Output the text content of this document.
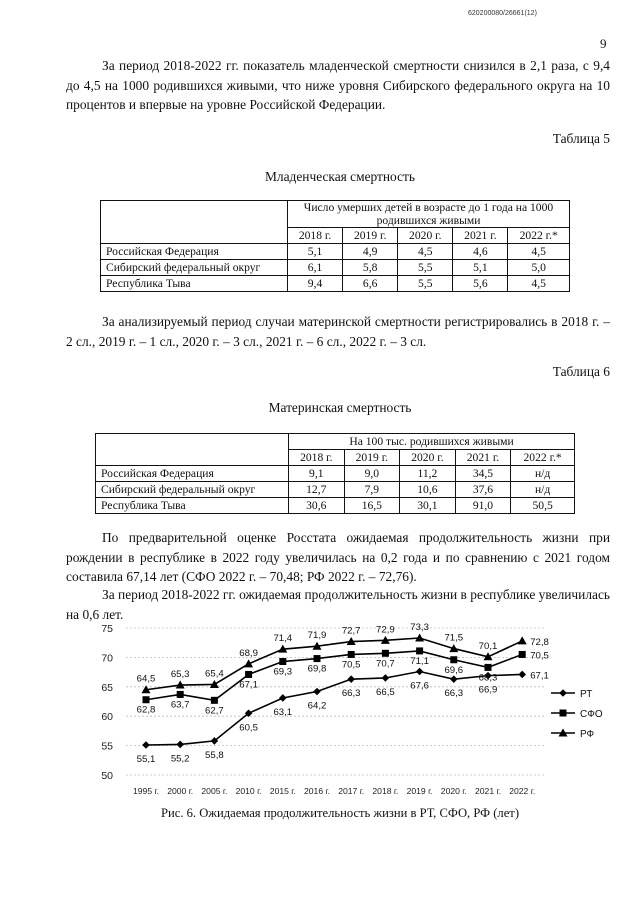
620200080/26661(12)
9

За период 2018-2022 гг. показатель младенческой смертности снизился в 2,1 раза, с 9,4 до 4,5 на 1000 родившихся живыми, что ниже уровня Сибирского федерального округа на 10 процентов и впервые на уровне Российской Федерации.

Таблица 5
Младенческая смертность
	Число умерших детей в возрасте до 1 года на 1000 родившихся живыми				
	2018 г.	2019 г.	2020 г.	2021 г.	2022 г.*
Российская Федерация	5,1	4,9	4,5	4,6	4,5
Сибирский федеральный округ	6,1	5,8	5,5	5,1	5,0
Республика Тыва	9,4	6,6	5,5	5,6	4,5

За анализируемый период случаи материнской смертности регистрировались в 2018 г. – 2 сл., 2019 г. – 1 сл., 2020 г. – 3 сл., 2021 г. – 6 сл., 2022 г. – 3 сл.

Таблица 6
Материнская смертность
	На 100 тыс. родившихся живыми				
	2018 г.	2019 г.	2020 г.	2021 г.	2022 г.*
Российская Федерация	9,1	9,0	11,2	34,5	н/д
Сибирский федеральный округ	12,7	7,9	10,6	37,6	н/д
Республика Тыва	30,6	16,5	30,1	91,0	50,5

По предварительной оценке Росстата ожидаемая продолжительность жизни при рождении в республике в 2022 году увеличилась на 0,2 года и по сравнению с 2021 годом составила 67,14 лет (СФО 2022 г. – 70,48; РФ 2022 г. – 72,76).

За период 2018-2022 гг. ожидаемая продолжительность жизни в республике увеличилась на 0,6 лет.

50
55
60
65
70
75
1995 г. 2000 г. 2005 г. 2010 г. 2015 г. 2016 г. 2017 г. 2018 г. 2019 г. 2020 г. 2021 г. 2022 г.
55,1 55,2 55,8
60,5
63,1
64,2
66,3 66,5
67,6
66,3 66,9
67,1
РТ
62,8 63,7
62,7
67,1
69,3 69,8 70,5 70,7 71,1
69,6
68,3
70,5
СФО
64,5 65,3 65,4
68,9
71,4 71,9 72,7 72,9 73,3
71,5
70,1	72,8
РФ
Рис. 6. Ожидаемая продолжительность жизни в РТ, СФО, РФ (лет)
